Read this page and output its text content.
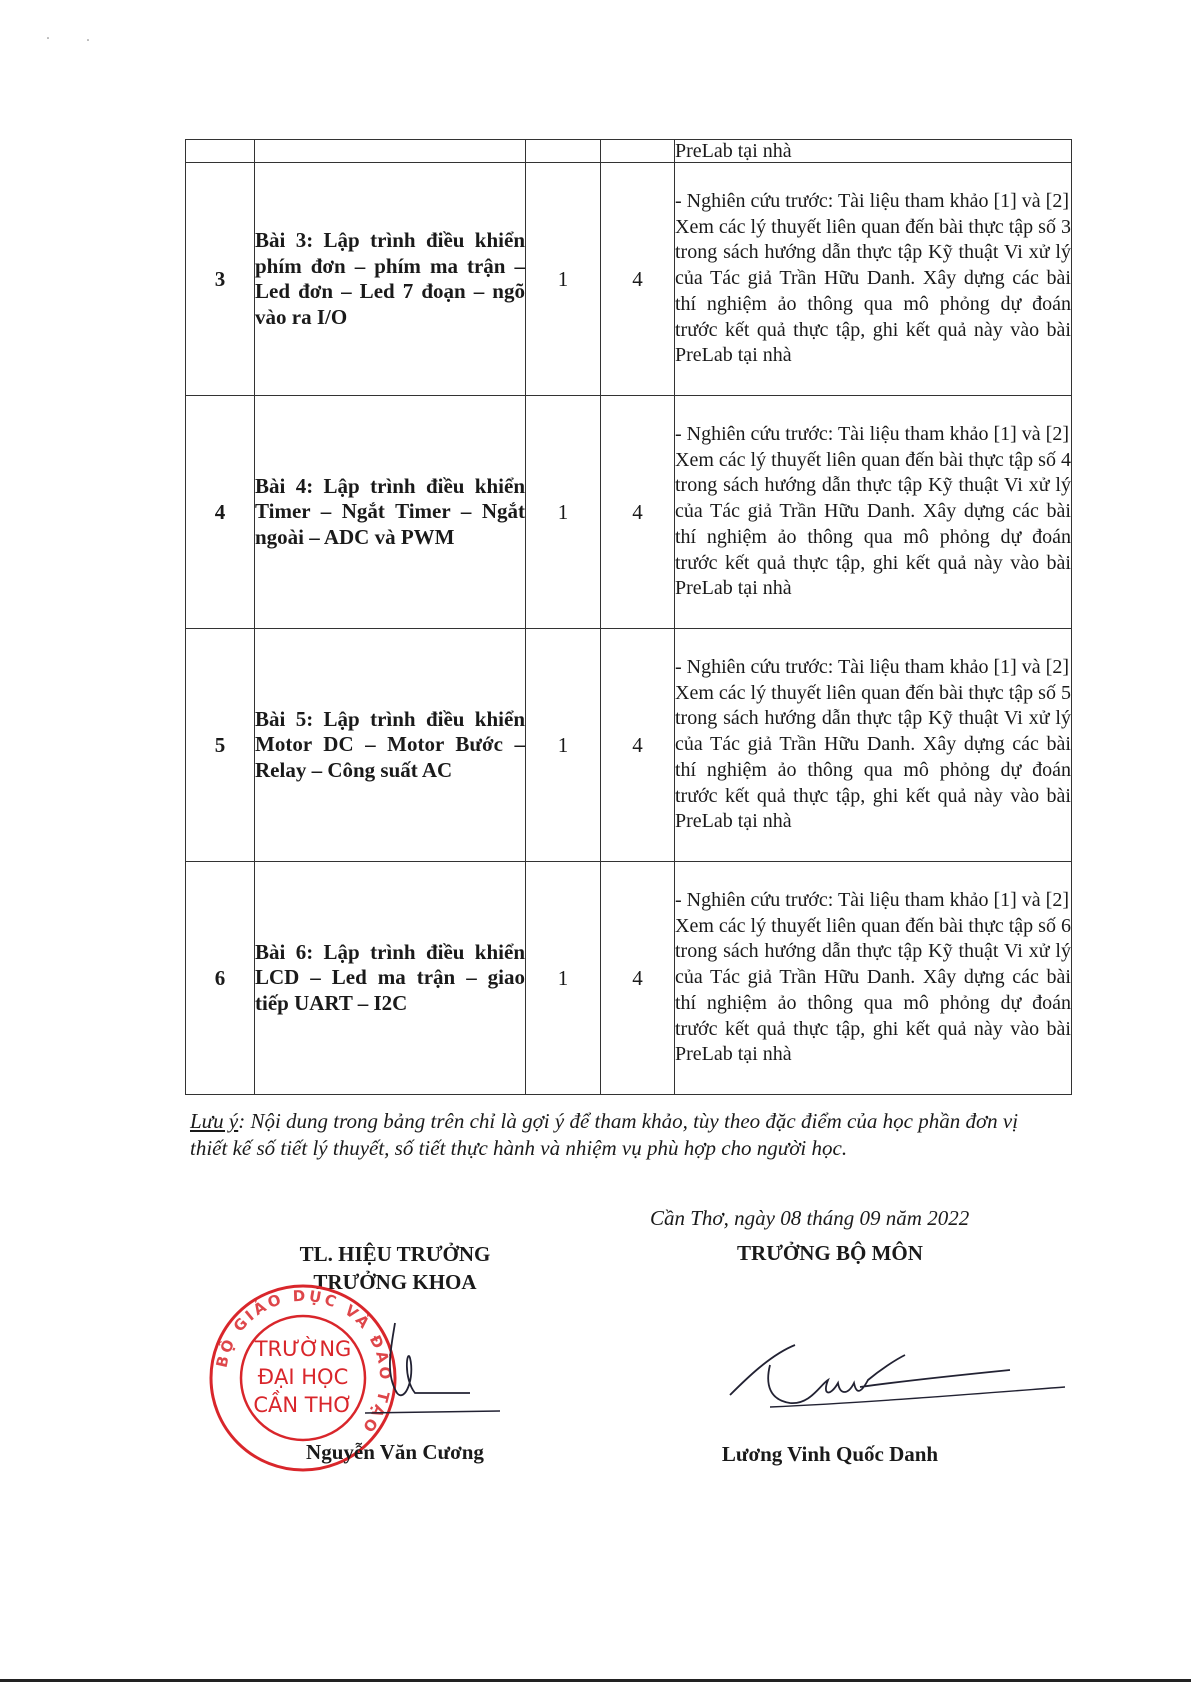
				PreLab tại nhà
3	Bài 3: Lập trình điều khiển phím đơn – phím ma trận – Led đơn – Led 7 đoạn – ngõ vào ra I/O	1	4	- Nghiên cứu trước: Tài liệu tham khảo [1] và [2]
Xem các lý thuyết liên quan đến bài thực tập số 3 trong sách hướng dẫn thực tập Kỹ thuật Vi xử lý của Tác giả Trần Hữu Danh. Xây dựng các bài thí nghiệm ảo thông qua mô phỏng dự đoán trước kết quả thực tập, ghi kết quả này vào bài PreLab tại nhà

4	Bài 4: Lập trình điều khiển Timer – Ngắt Timer – Ngắt ngoài – ADC và PWM	1	4	- Nghiên cứu trước: Tài liệu tham khảo [1] và [2]
Xem các lý thuyết liên quan đến bài thực tập số 4 trong sách hướng dẫn thực tập Kỹ thuật Vi xử lý của Tác giả Trần Hữu Danh. Xây dựng các bài thí nghiệm ảo thông qua mô phỏng dự đoán trước kết quả thực tập, ghi kết quả này vào bài PreLab tại nhà

5	Bài 5: Lập trình điều khiển Motor DC – Motor Bước – Relay – Công suất AC	1	4	- Nghiên cứu trước: Tài liệu tham khảo [1] và [2]
Xem các lý thuyết liên quan đến bài thực tập số 5 trong sách hướng dẫn thực tập Kỹ thuật Vi xử lý của Tác giả Trần Hữu Danh. Xây dựng các bài thí nghiệm ảo thông qua mô phỏng dự đoán trước kết quả thực tập, ghi kết quả này vào bài PreLab tại nhà

6	Bài 6: Lập trình điều khiển LCD – Led ma trận – giao tiếp UART – I2C	1	4	- Nghiên cứu trước: Tài liệu tham khảo [1] và [2]
Xem các lý thuyết liên quan đến bài thực tập số 6 trong sách hướng dẫn thực tập Kỹ thuật Vi xử lý của Tác giả Trần Hữu Danh. Xây dựng các bài thí nghiệm ảo thông qua mô phỏng dự đoán trước kết quả thực tập, ghi kết quả này vào bài PreLab tại nhà
Lưu ý: Nội dung trong bảng trên chỉ là gợi ý để tham khảo, tùy theo đặc điểm của học phần đơn vị thiết kế số tiết lý thuyết, số tiết thực hành và nhiệm vụ phù hợp cho người học.
Cần Thơ, ngày 08 tháng 09 năm 2022
TL. HIỆU TRƯỞNG
TRƯỞNG KHOA
TRƯỞNG BỘ MÔN
BỘ GIÁO DỤC VÀ ĐÀO TẠO
TRƯỜNG
ĐẠI HỌC
CẦN THƠ
Nguyễn Văn Cương	Lương Vinh Quốc Danh
